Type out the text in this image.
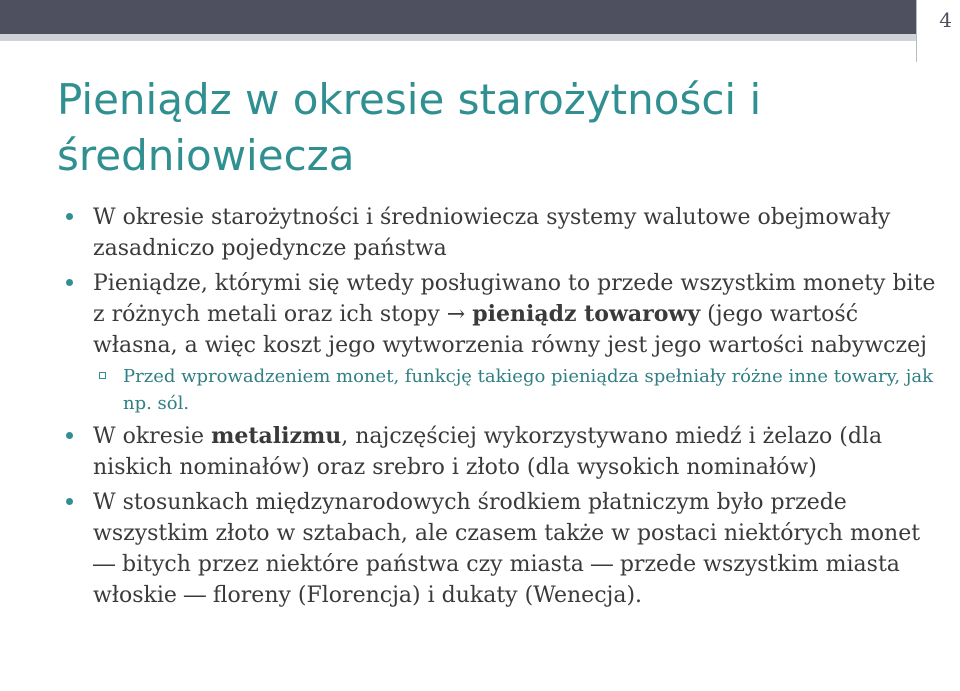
4
Pieniądz w okresie starożytności i średniowiecza
W okresie starożytności i średniowiecza systemy walutowe obejmowały zasadniczo pojedyncze państwa
Pieniądze, którymi się wtedy posługiwano to przede wszystkim monety bite z różnych metali oraz ich stopy → pieniądz towarowy (jego wartość własna, a więc koszt jego wytworzenia równy jest jego wartości nabywczej
Przed wprowadzeniem monet, funkcję takiego pieniądza spełniały różne inne towary, jak np. sól.
W okresie metalizmu, najczęściej wykorzystywano miedź i żelazo (dla niskich nominałów) oraz srebro i złoto (dla wysokich nominałów)
W stosunkach międzynarodowych środkiem płatniczym było przede wszystkim złoto w sztabach, ale czasem także w postaci niektórych monet ― bitych przez niektóre państwa czy miasta ― przede wszystkim miasta włoskie ― floreny (Florencja) i dukaty (Wenecja).
